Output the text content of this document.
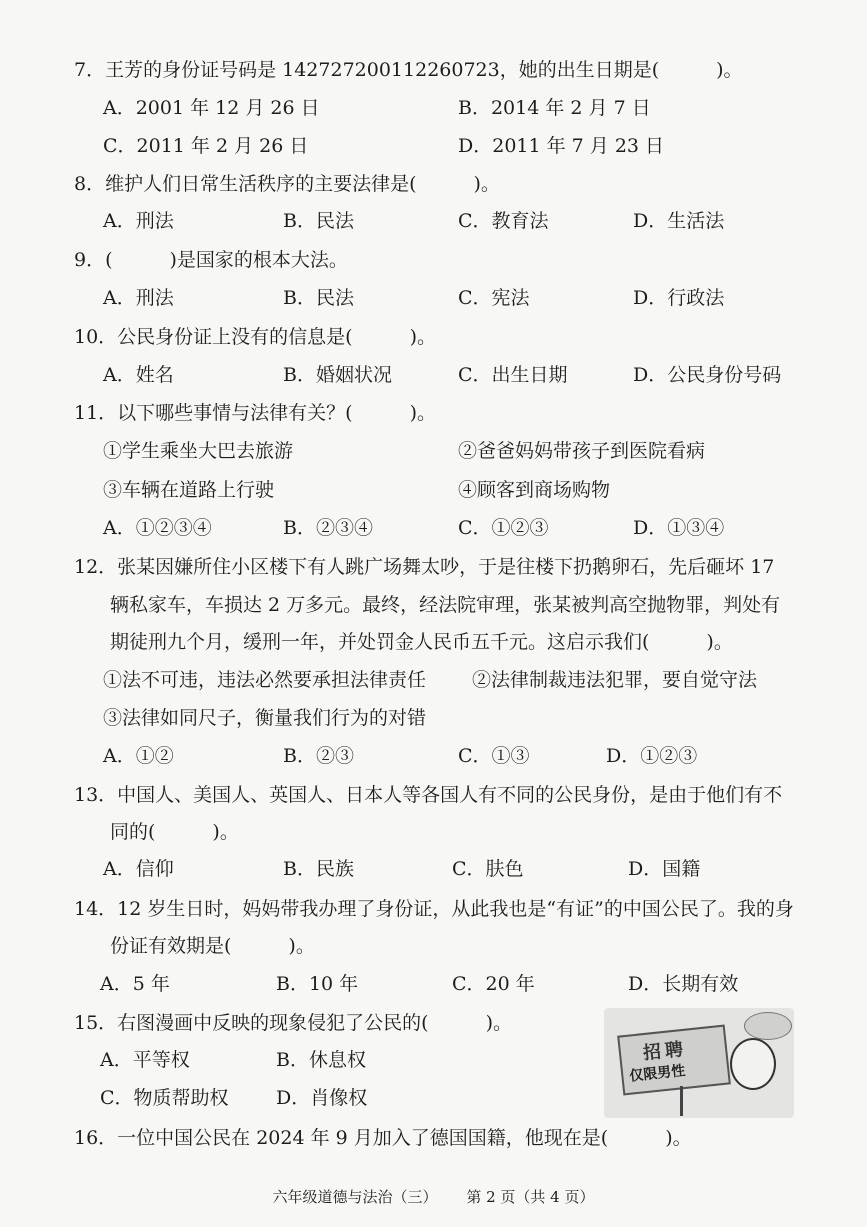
7．王芳的身份证号码是 142727200112260723，她的出生日期是(　　　)。
A．2001 年 12 月 26 日	B．2014 年 2 月 7 日
C．2011 年 2 月 26 日	D．2011 年 7 月 23 日
8．维护人们日常生活秩序的主要法律是(　　　)。
A．刑法	B．民法	C．教育法	D．生活法
9．(　　　)是国家的根本大法。
A．刑法	B．民法	C．宪法	D．行政法
10．公民身份证上没有的信息是(　　　)。
A．姓名	B．婚姻状况	C．出生日期	D．公民身份号码
11．以下哪些事情与法律有关？(　　　)。
①学生乘坐大巴去旅游	②爸爸妈妈带孩子到医院看病
③车辆在道路上行驶	④顾客到商场购物
A．①②③④	B．②③④	C．①②③	D．①③④
12．张某因嫌所住小区楼下有人跳广场舞太吵，于是往楼下扔鹅卵石，先后砸坏 17
辆私家车，车损达 2 万多元。最终，经法院审理，张某被判高空抛物罪，判处有
期徒刑九个月，缓刑一年，并处罚金人民币五千元。这启示我们(　　　)。
①法不可违，违法必然要承担法律责任 ②法律制裁违法犯罪，要自觉守法
③法律如同尺子，衡量我们行为的对错
A．①②	B．②③	C．①③	D．①②③
13．中国人、美国人、英国人、日本人等各国人有不同的公民身份，是由于他们有不
同的(　　　)。
A．信仰	B．民族	C．肤色	D．国籍
14．12 岁生日时，妈妈带我办理了身份证，从此我也是“有证”的中国公民了。我的身
份证有效期是(　　　)。
A．5 年	B．10 年	C．20 年	D．长期有效
15．右图漫画中反映的现象侵犯了公民的(　　　)。
A．平等权	B．休息权
C．物质帮助权 D．肖像权
招聘
仅限男性
16．一位中国公民在 2024 年 9 月加入了德国国籍，他现在是(　　　)。
六年级道德与法治（三） 第 2 页（共 4 页）
